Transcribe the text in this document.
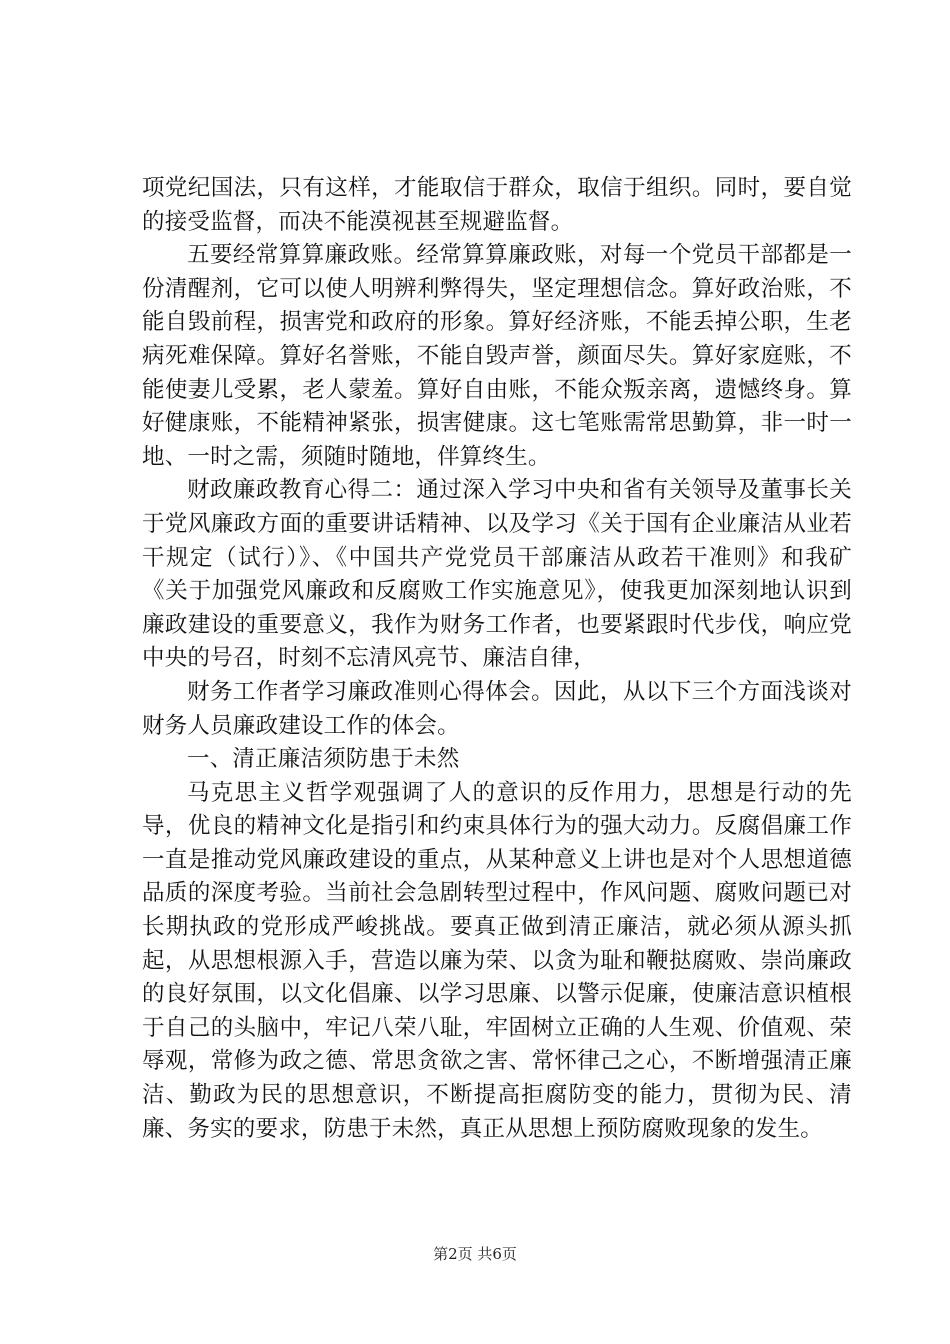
项党纪国法，只有这样，才能取信于群众，取信于组织。同时，要自觉的接受监督，而决不能漠视甚至规避监督。

五要经常算算廉政账。经常算算廉政账，对每一个党员干部都是一份清醒剂，它可以使人明辨利弊得失，坚定理想信念。算好政治账，不能自毁前程，损害党和政府的形象。算好经济账，不能丢掉公职，生老病死难保障。算好名誉账，不能自毁声誉，颜面尽失。算好家庭账，不能使妻儿受累，老人蒙羞。算好自由账，不能众叛亲离，遗憾终身。算好健康账，不能精神紧张，损害健康。这七笔账需常思勤算，非一时一地、一时之需，须随时随地，伴算终生。

财政廉政教育心得二：通过深入学习中央和省有关领导及董事长关于党风廉政方面的重要讲话精神、以及学习《关于国有企业廉洁从业若干规定（试行）》、《中国共产党党员干部廉洁从政若干准则》和我矿《关于加强党风廉政和反腐败工作实施意见》，使我更加深刻地认识到廉政建设的重要意义，我作为财务工作者，也要紧跟时代步伐，响应党中央的号召，时刻不忘清风亮节、廉洁自律，

财务工作者学习廉政准则心得体会。因此，从以下三个方面浅谈对财务人员廉政建设工作的体会。

一、清正廉洁须防患于未然

马克思主义哲学观强调了人的意识的反作用力，思想是行动的先导，优良的精神文化是指引和约束具体行为的强大动力。反腐倡廉工作一直是推动党风廉政建设的重点，从某种意义上讲也是对个人思想道德品质的深度考验。当前社会急剧转型过程中，作风问题、腐败问题已对长期执政的党形成严峻挑战。要真正做到清正廉洁，就必须从源头抓起，从思想根源入手，营造以廉为荣、以贪为耻和鞭挞腐败、崇尚廉政的良好氛围，以文化倡廉、以学习思廉、以警示促廉，使廉洁意识植根于自己的头脑中，牢记八荣八耻，牢固树立正确的人生观、价值观、荣辱观，常修为政之德、常思贪欲之害、常怀律己之心，不断增强清正廉洁、勤政为民的思想意识，不断提高拒腐防变的能力，贯彻为民、清廉、务实的要求，防患于未然，真正从思想上预防腐败现象的发生。

第2页 共6页
